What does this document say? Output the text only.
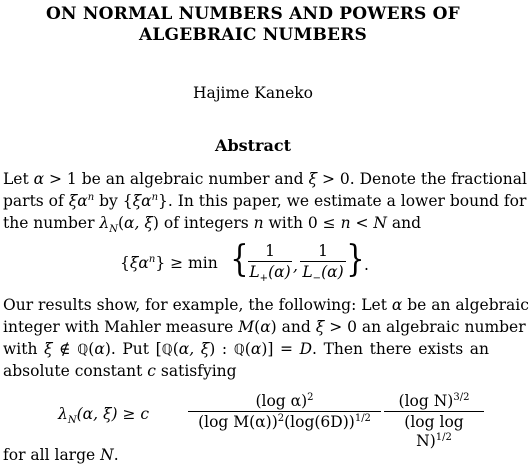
ON NORMAL NUMBERS AND POWERS OF
ALGEBRAIC NUMBERS
Hajime Kaneko
Abstract
Let α > 1 be an algebraic number and ξ > 0. Denote the fractional
parts of $\xi\alpha^n$ by $\{\xi\alpha^n\}$. In this paper, we estimate a lower bound for
the number $\lambda_N(\alpha$, ξ) of integers n with 0 ≤ n < N and
$\{\xi\alpha^n\} \ge \min$ { $\frac{1}{L_+(\alpha)}$ , $\frac{1}{L_-(\alpha)}$ } .
Our results show, for example, the following: Let α be an algebraic
integer with Mahler measure M(α) and ξ > 0 an algebraic number
with ξ ∉ ℚ(α). Put [ℚ(α, ξ) : ℚ(α)] = D. Then there exists an
absolute constant c satisfying
$\lambda_N(\alpha$, ξ) ≥ c	$\frac{(\log \alpha)^2}{(\log M(\alpha))^2(\log(6D))^{1/2}} \frac{(\log N)^{3/2}}{(\log \log N)^{1/2}}$
for all large N.
